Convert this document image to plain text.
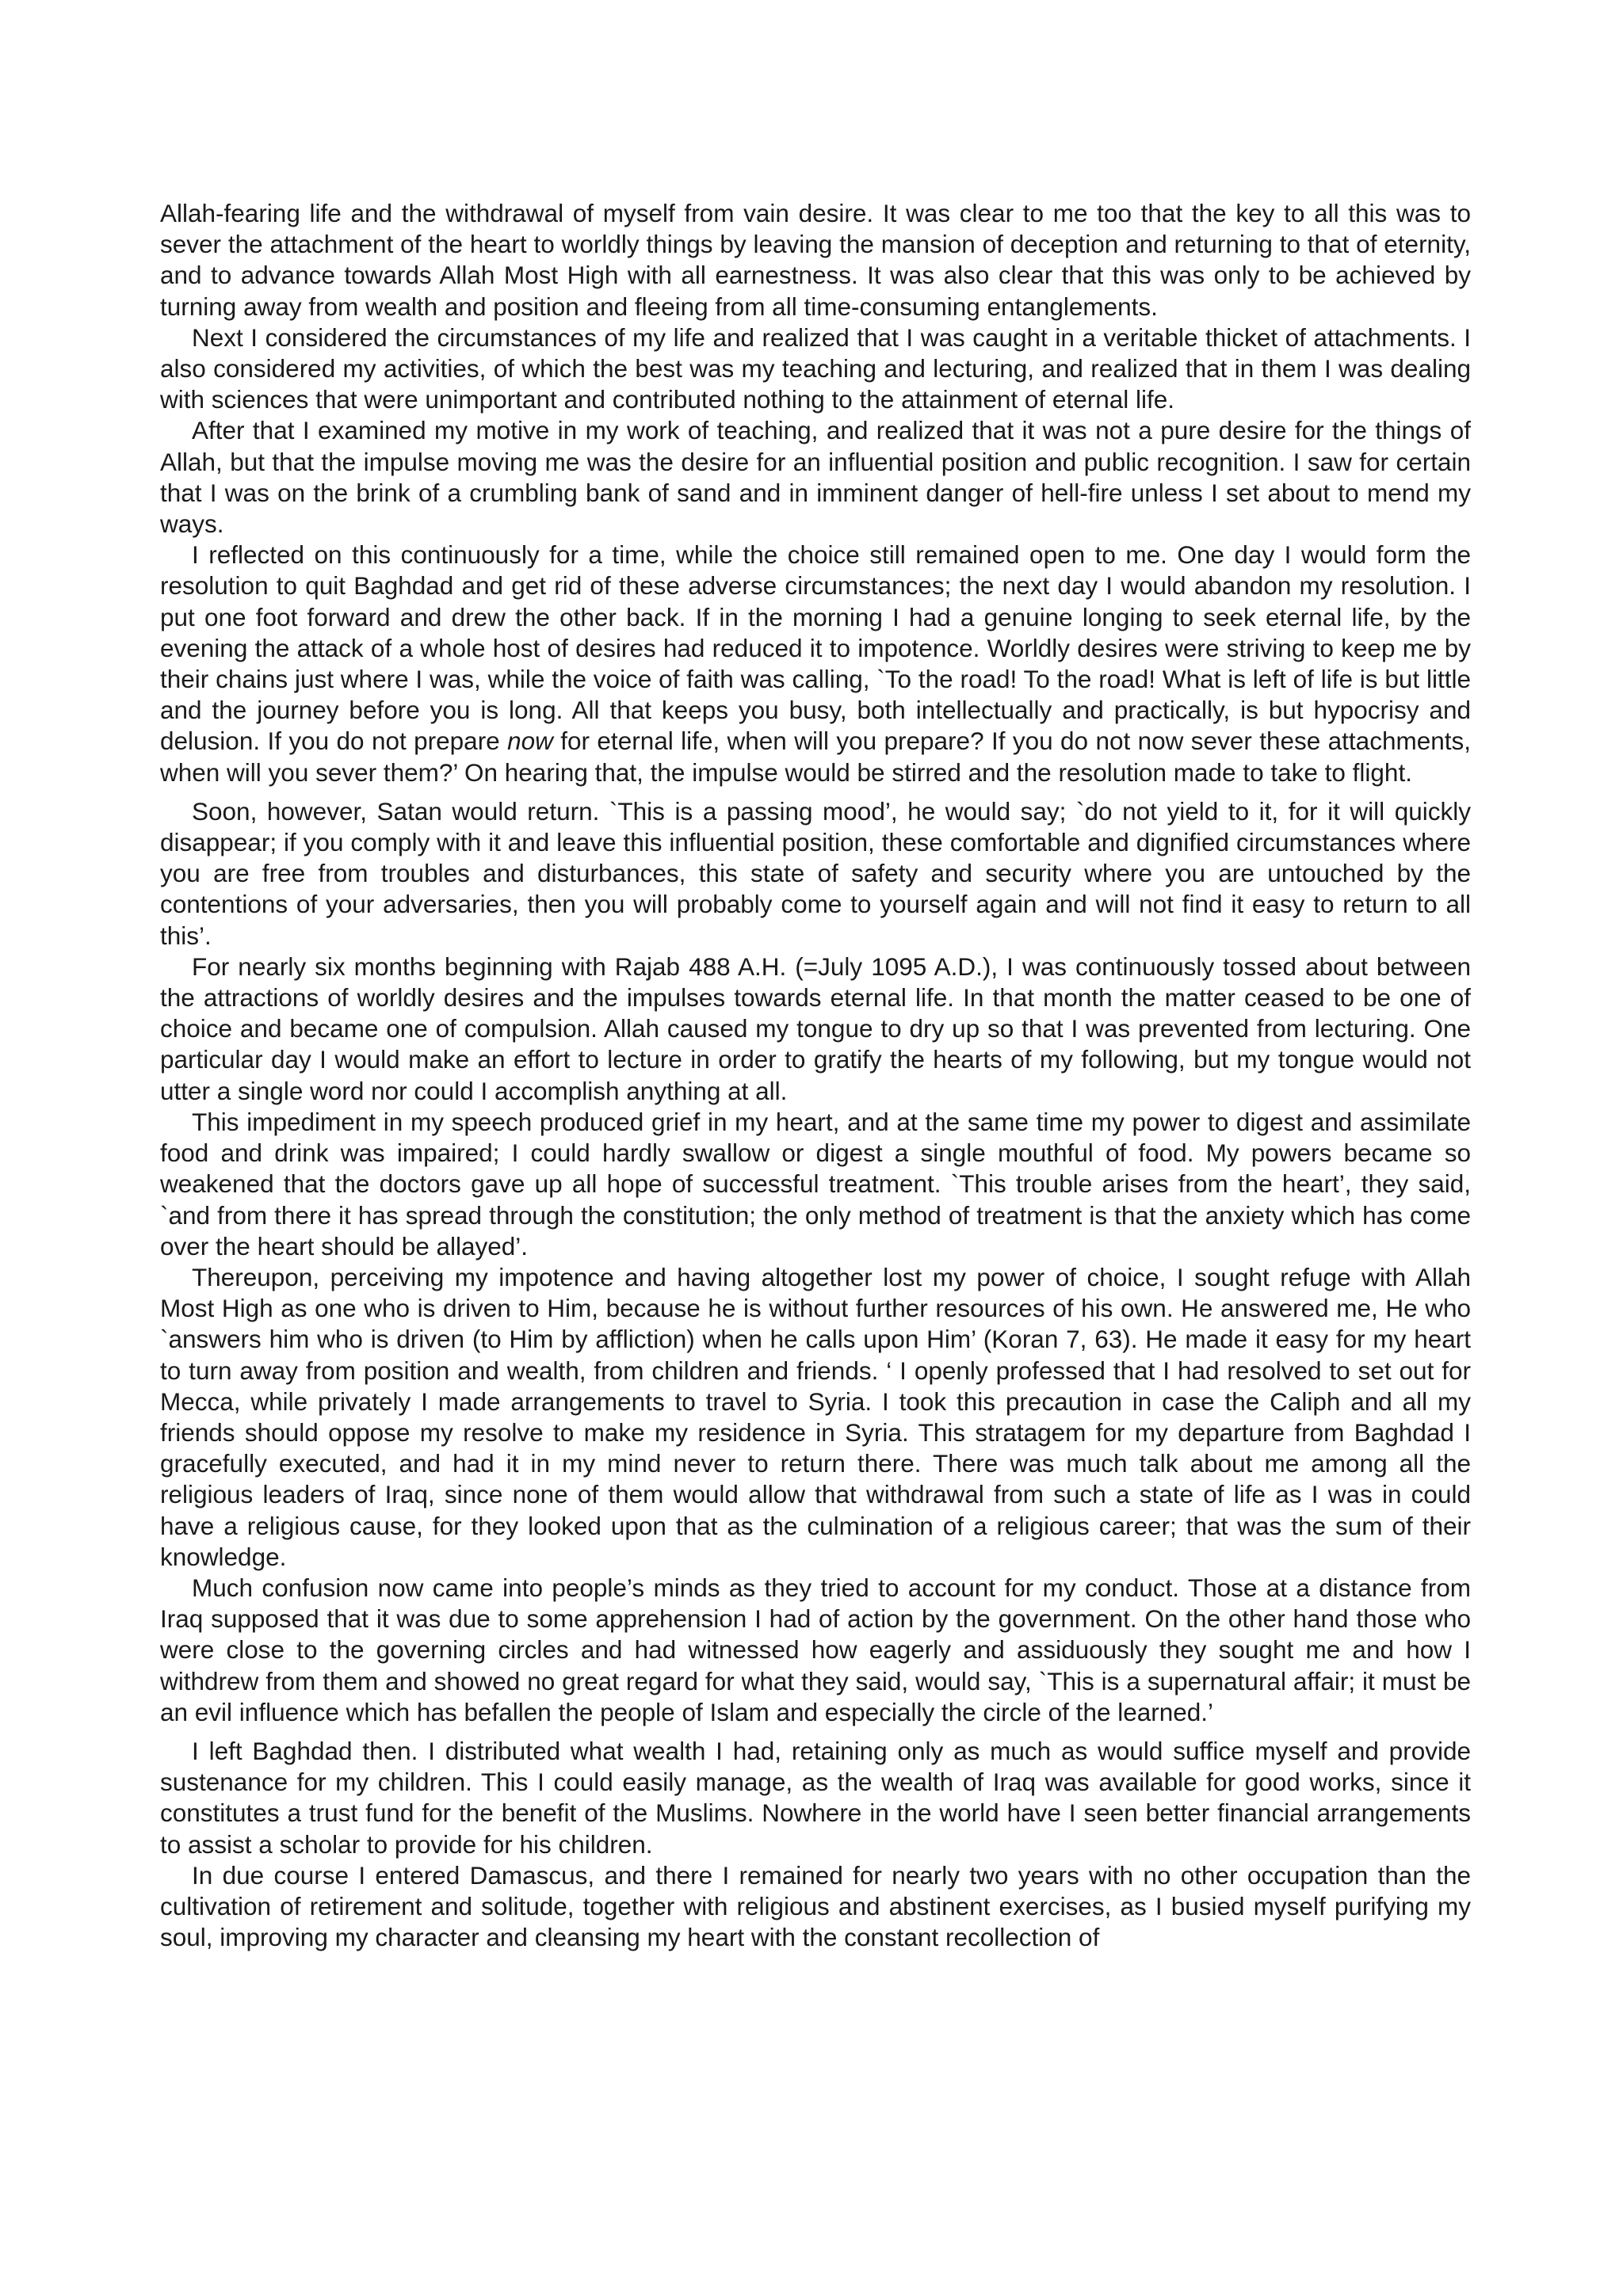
Allah-fearing life and the withdrawal of myself from vain desire. It was clear to me too that the key to all this was to sever the attachment of the heart to worldly things by leaving the mansion of deception and returning to that of eternity, and to advance towards Allah Most High with all earnestness. It was also clear that this was only to be achieved by turning away from wealth and position and fleeing from all time-consuming entanglements.

Next I considered the circumstances of my life and realized that I was caught in a veritable thicket of attachments. I also considered my activities, of which the best was my teaching and lecturing, and realized that in them I was dealing with sciences that were unimportant and contributed nothing to the attainment of eternal life.

After that I examined my motive in my work of teaching, and realized that it was not a pure desire for the things of Allah, but that the impulse moving me was the desire for an influential position and public recognition. I saw for certain that I was on the brink of a crumbling bank of sand and in imminent danger of hell-fire unless I set about to mend my ways.

I reflected on this continuously for a time, while the choice still remained open to me. One day I would form the resolution to quit Baghdad and get rid of these adverse circumstances; the next day I would abandon my resolution. I put one foot forward and drew the other back. If in the morning I had a genuine longing to seek eternal life, by the evening the attack of a whole host of desires had reduced it to impotence. Worldly desires were striving to keep me by their chains just where I was, while the voice of faith was calling, `To the road! To the road! What is left of life is but little and the journey before you is long. All that keeps you busy, both intellectually and practically, is but hypocrisy and delusion. If you do not prepare now for eternal life, when will you prepare? If you do not now sever these attachments, when will you sever them?’ On hearing that, the impulse would be stirred and the resolution made to take to flight.

Soon, however, Satan would return. `This is a passing mood’, he would say; `do not yield to it, for it will quickly disappear; if you comply with it and leave this influential position, these comfortable and dignified circumstances where you are free from troubles and disturbances, this state of safety and security where you are untouched by the contentions of your adversaries, then you will probably come to yourself again and will not find it easy to return to all this’.

For nearly six months beginning with Rajab 488 A.H. (=July 1095 A.D.), I was continuously tossed about between the attractions of worldly desires and the impulses towards eternal life. In that month the matter ceased to be one of choice and became one of compulsion. Allah caused my tongue to dry up so that I was prevented from lecturing. One particular day I would make an effort to lecture in order to gratify the hearts of my following, but my tongue would not utter a single word nor could I accomplish anything at all.

This impediment in my speech produced grief in my heart, and at the same time my power to digest and assimilate food and drink was impaired; I could hardly swallow or digest a single mouthful of food. My powers became so weakened that the doctors gave up all hope of successful treatment. `This trouble arises from the heart’, they said, `and from there it has spread through the constitution; the only method of treatment is that the anxiety which has come over the heart should be allayed’.

Thereupon, perceiving my impotence and having altogether lost my power of choice, I sought refuge with Allah Most High as one who is driven to Him, because he is without further resources of his own. He answered me, He who `answers him who is driven (to Him by affliction) when he calls upon Him’ (Koran 7, 63). He made it easy for my heart to turn away from position and wealth, from children and friends. ‘ I openly professed that I had resolved to set out for Mecca, while privately I made arrangements to travel to Syria. I took this precaution in case the Caliph and all my friends should oppose my resolve to make my residence in Syria. This stratagem for my departure from Baghdad I gracefully executed, and had it in my mind never to return there. There was much talk about me among all the religious leaders of Iraq, since none of them would allow that withdrawal from such a state of life as I was in could have a religious cause, for they looked upon that as the culmination of a religious career; that was the sum of their knowledge.

Much confusion now came into people’s minds as they tried to account for my conduct. Those at a distance from Iraq supposed that it was due to some apprehension I had of action by the government. On the other hand those who were close to the governing circles and had witnessed how eagerly and assiduously they sought me and how I withdrew from them and showed no great regard for what they said, would say, `This is a supernatural affair; it must be an evil influence which has befallen the people of Islam and especially the circle of the learned.’

I left Baghdad then. I distributed what wealth I had, retaining only as much as would suffice myself and provide sustenance for my children. This I could easily manage, as the wealth of Iraq was available for good works, since it constitutes a trust fund for the benefit of the Muslims. Nowhere in the world have I seen better financial arrangements to assist a scholar to provide for his children.

In due course I entered Damascus, and there I remained for nearly two years with no other occupation than the cultivation of retirement and solitude, together with religious and abstinent exercises, as I busied myself purifying my soul, improving my character and cleansing my heart with the constant recollection of
